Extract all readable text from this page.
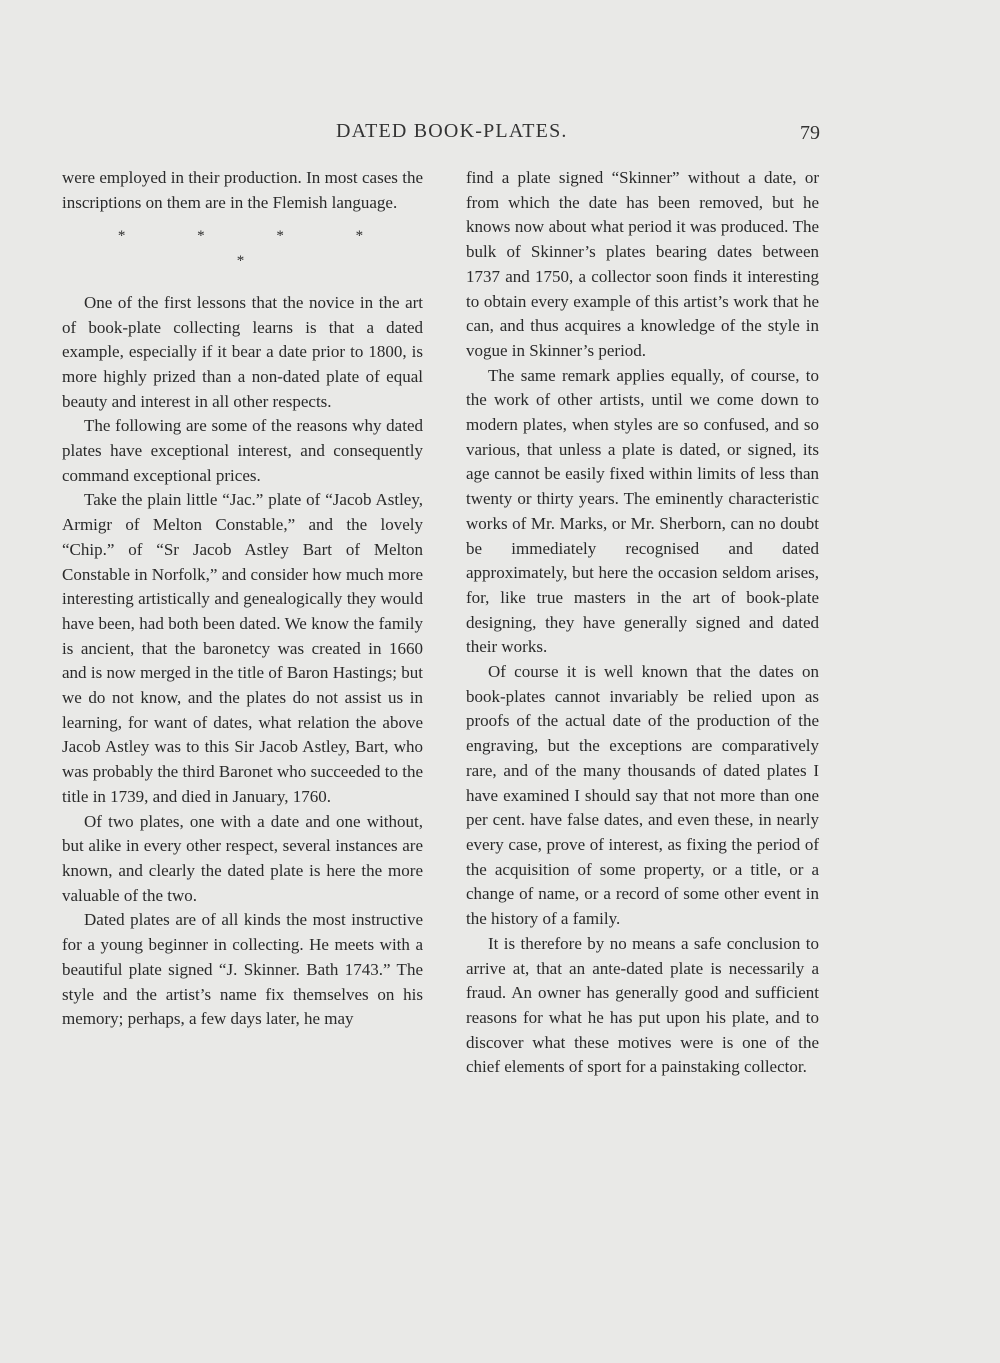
DATED BOOK-PLATES.	79

were employed in their production. In most cases the inscriptions on them are in the Flemish language.

* * * * *

One of the first lessons that the novice in the art of book-plate collecting learns is that a dated example, especially if it bear a date prior to 1800, is more highly prized than a non-dated plate of equal beauty and interest in all other respects.

The following are some of the reasons why dated plates have exceptional interest, and consequently command exceptional prices.

Take the plain little “Jac.” plate of “Jacob Astley, Armigr of Melton Constable,” and the lovely “Chip.” of “Sr Jacob Astley Bart of Melton Constable in Norfolk,” and consider how much more interesting artistically and genealogically they would have been, had both been dated. We know the family is ancient, that the baronetcy was created in 1660 and is now merged in the title of Baron Hastings; but we do not know, and the plates do not assist us in learning, for want of dates, what relation the above Jacob Astley was to this Sir Jacob Astley, Bart, who was probably the third Baronet who succeeded to the title in 1739, and died in January, 1760.

Of two plates, one with a date and one without, but alike in every other respect, several instances are known, and clearly the dated plate is here the more valuable of the two.

Dated plates are of all kinds the most instructive for a young beginner in collecting. He meets with a beautiful plate signed “J. Skinner. Bath 1743.” The style and the artist’s name fix themselves on his memory; perhaps, a few days later, he may

find a plate signed “Skinner” without a date, or from which the date has been removed, but he knows now about what period it was produced. The bulk of Skinner’s plates bearing dates between 1737 and 1750, a collector soon finds it interesting to obtain every example of this artist’s work that he can, and thus acquires a knowledge of the style in vogue in Skinner’s period.

The same remark applies equally, of course, to the work of other artists, until we come down to modern plates, when styles are so confused, and so various, that unless a plate is dated, or signed, its age cannot be easily fixed within limits of less than twenty or thirty years. The eminently characteristic works of Mr. Marks, or Mr. Sherborn, can no doubt be immediately recognised and dated approximately, but here the occasion seldom arises, for, like true masters in the art of book-plate designing, they have generally signed and dated their works.

Of course it is well known that the dates on book-plates cannot invariably be relied upon as proofs of the actual date of the production of the engraving, but the exceptions are comparatively rare, and of the many thousands of dated plates I have examined I should say that not more than one per cent. have false dates, and even these, in nearly every case, prove of interest, as fixing the period of the acquisition of some property, or a title, or a change of name, or a record of some other event in the history of a family.

It is therefore by no means a safe conclusion to arrive at, that an ante-dated plate is necessarily a fraud. An owner has generally good and sufficient reasons for what he has put upon his plate, and to discover what these motives were is one of the chief elements of sport for a painstaking collector.
